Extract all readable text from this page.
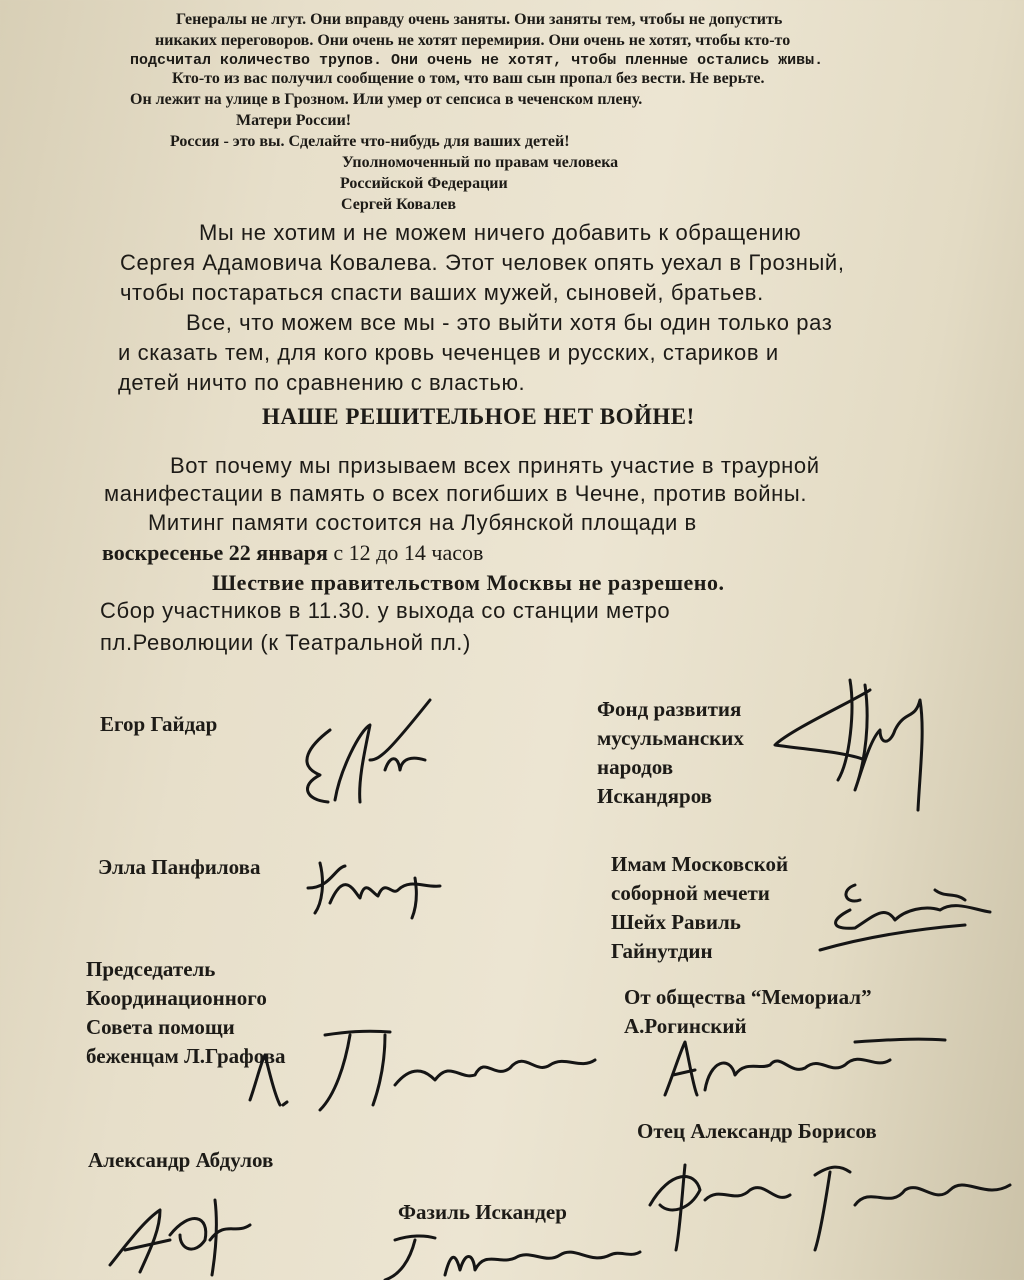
Генералы не лгут. Они вправду очень заняты. Они заняты тем, чтобы не допустить
никаких переговоров. Они очень не хотят перемирия. Они очень не хотят, чтобы кто-то
подсчитал количество трупов. Они очень не хотят, чтобы пленные остались живы.
Кто-то из вас получил сообщение о том, что ваш сын пропал без вести. Не верьте.
Он лежит на улице в Грозном. Или умер от сепсиса в чеченском плену.
Матери России!
Россия - это вы. Сделайте что-нибудь для ваших детей!
Уполномоченный по правам человека
Российской Федерации
Сергей Ковалев
Мы не хотим и не можем ничего добавить к обращению
Сергея Адамовича Ковалева. Этот человек опять уехал в Грозный,
чтобы постараться спасти ваших мужей, сыновей, братьев.
Все, что можем все мы - это выйти хотя бы один только раз
и сказать тем, для кого кровь чеченцев и русских, стариков и
детей ничто по сравнению с властью.
НАШЕ РЕШИТЕЛЬНОЕ НЕТ ВОЙНЕ!
Вот почему мы призываем всех принять участие в траурной
манифестации в память о всех погибших в Чечне, против войны.
Митинг памяти состоится на Лубянской площади в
воскресенье 22 января с 12 до 14 часов
Шествие правительством Москвы не разрешено.
Сбор участников в 11.30. у выхода со станции метро
пл.Революции (к Театральной пл.)
Егор Гайдар
Фонд развития
мусульманских
народов
Искандяров
Элла Панфилова	Имам Московской
соборной мечети
Шейх Равиль
Гайнутдин
Председатель
Координационного
Совета помощи
беженцам Л.Графова
От общества “Мемориал”
А.Рогинский
Отец Александр Борисов
Александр Абдулов
Фазиль Искандер
